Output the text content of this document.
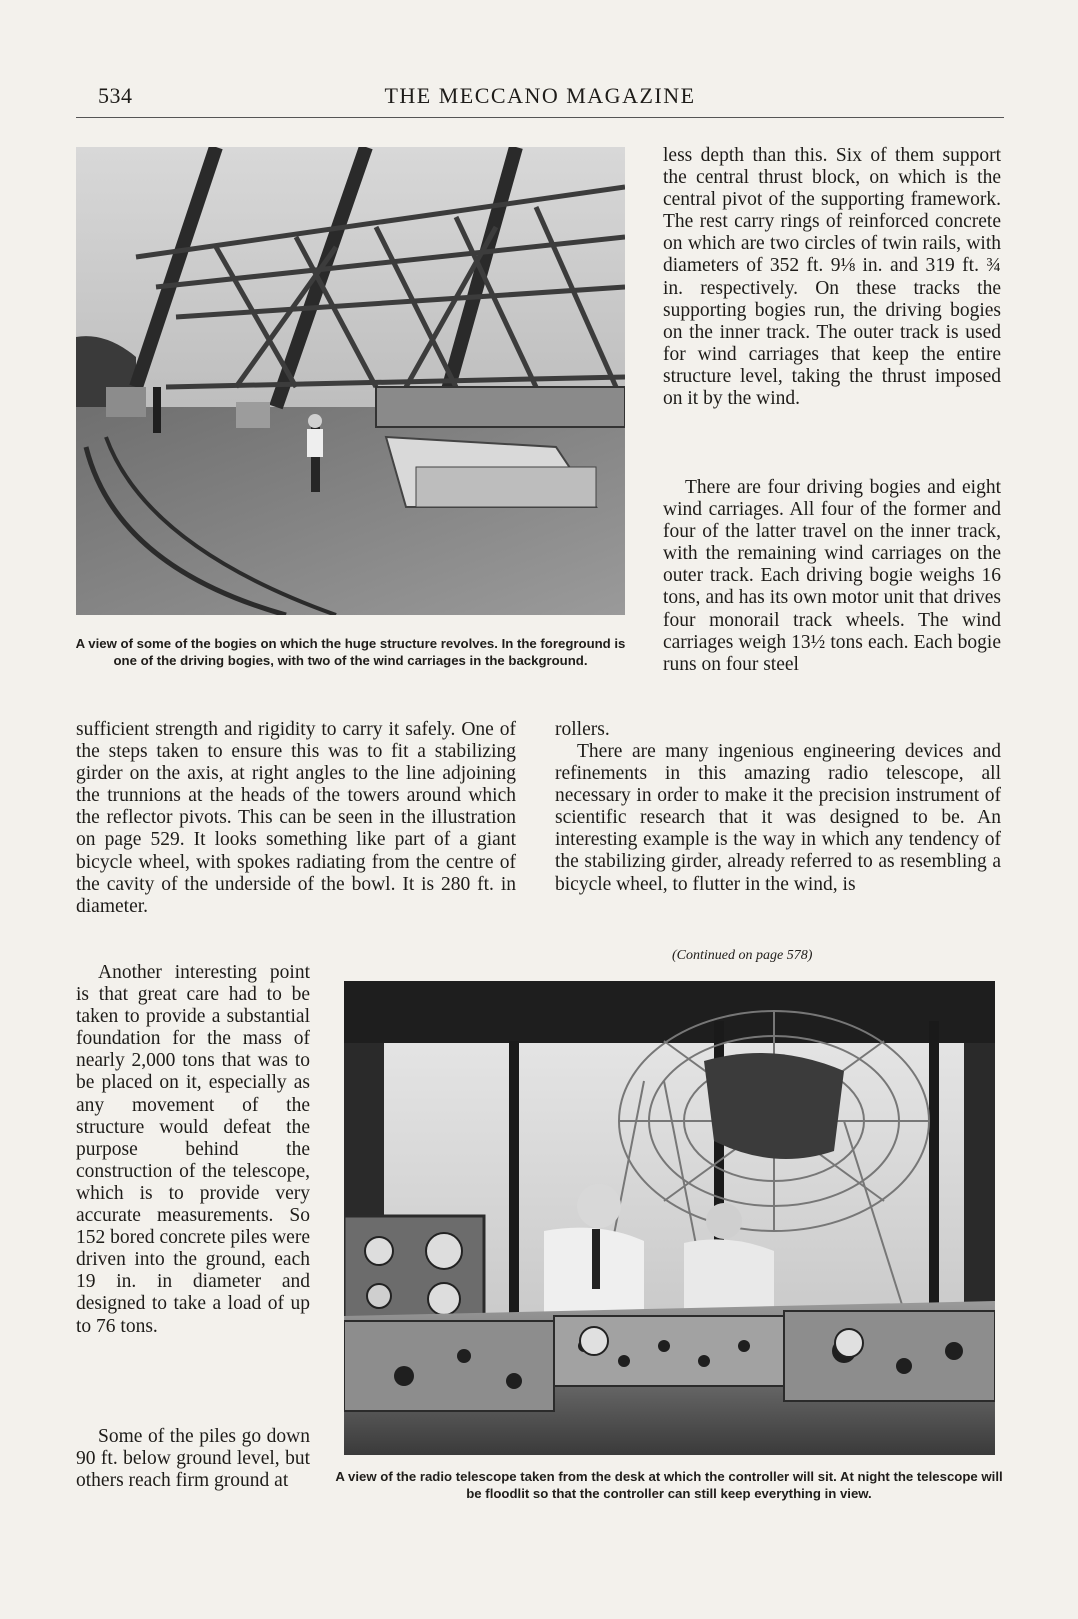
534	THE MECCANO MAGAZINE

A view of some of the bogies on which the huge structure revolves. In the foreground is one of the driving bogies, with two of the wind carriages in the background.

less depth than this. Six of them support the central thrust block, on which is the central pivot of the supporting framework. The rest carry rings of reinforced concrete on which are two circles of twin rails, with diameters of 352 ft. 9⅛ in. and 319 ft. ¾ in. respectively. On these tracks the supporting bogies run, the driving bogies on the inner track. The outer track is used for wind carriages that keep the entire structure level, taking the thrust imposed on it by the wind.

There are four driving bogies and eight wind carriages. All four of the former and four of the latter travel on the inner track, with the remaining wind carriages on the outer track. Each driving bogie weighs 16 tons, and has its own motor unit that drives four monorail track wheels. The wind carriages weigh 13½ tons each. Each bogie runs on four steel

sufficient strength and rigidity to carry it safely. One of the steps taken to ensure this was to fit a stabilizing girder on the axis, at right angles to the line adjoining the trunnions at the heads of the towers around which the reflector pivots. This can be seen in the illustration on page 529. It looks something like part of a giant bicycle wheel, with spokes radiating from the centre of the cavity of the underside of the bowl. It is 280 ft. in diameter.

rollers.

There are many ingenious engineering devices and refinements in this amazing radio telescope, all necessary in order to make it the precision instrument of scientific research that it was designed to be. An interesting example is the way in which any tendency of the stabilizing girder, already referred to as resembling a bicycle wheel, to flutter in the wind, is

(Continued on page 578)

Another interesting point is that great care had to be taken to provide a substantial foundation for the mass of nearly 2,000 tons that was to be placed on it, especially as any movement of the structure would defeat the purpose behind the construction of the telescope, which is to provide very accurate measurements. So 152 bored concrete piles were driven into the ground, each 19 in. in diameter and designed to take a load of up to 76 tons.

Some of the piles go down 90 ft. below ground level, but others reach firm ground at	A view of the radio telescope taken from the desk at which the controller will sit. At night the telescope will be floodlit so that the controller can still keep everything in view.
